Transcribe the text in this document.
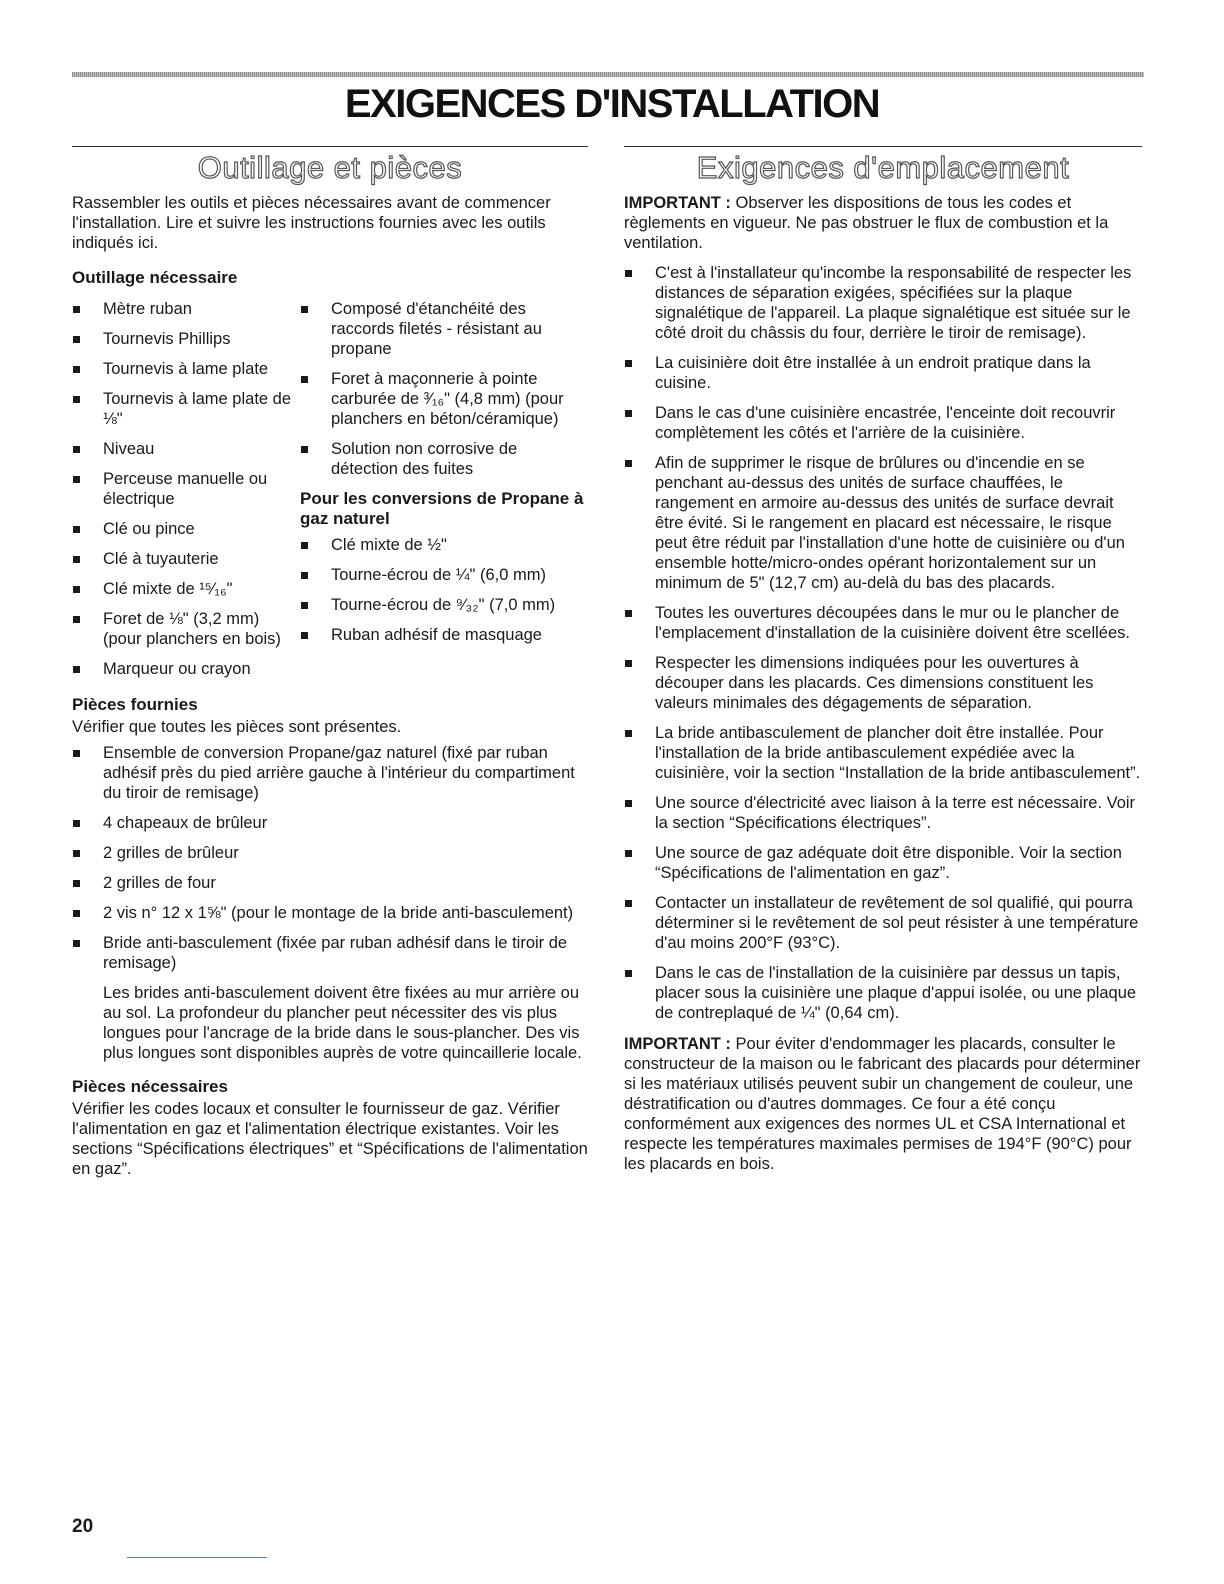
EXIGENCES D'INSTALLATION
Outillage et pièces

Rassembler les outils et pièces nécessaires avant de commencer l'installation. Lire et suivre les instructions fournies avec les outils indiqués ici.

Outillage nécessaire

Mètre ruban
Tournevis Phillips
Tournevis à lame plate
Tournevis à lame plate de ⅛"
Niveau
Perceuse manuelle ou électrique
Clé ou pince
Clé à tuyauterie
Clé mixte de ¹⁵⁄₁₆"
Foret de ⅛" (3,2 mm) (pour planchers en bois)
Marqueur ou crayon
Composé d'étanchéité des raccords filetés - résistant au propane
Foret à maçonnerie à pointe carburée de ³⁄₁₆" (4,8 mm) (pour planchers en béton/céramique)
Solution non corrosive de détection des fuites

Pour les conversions de Propane à gaz naturel

Clé mixte de ½"
Tourne-écrou de ¼" (6,0 mm)
Tourne-écrou de ⁹⁄₃₂" (7,0 mm)
Ruban adhésif de masquage

Pièces fournies

Vérifier que toutes les pièces sont présentes.

Ensemble de conversion Propane/gaz naturel (fixé par ruban adhésif près du pied arrière gauche à l'intérieur du compartiment du tiroir de remisage)
4 chapeaux de brûleur
2 grilles de brûleur
2 grilles de four
2 vis n° 12 x 1⅝" (pour le montage de la bride anti-basculement)
Bride anti-basculement (fixée par ruban adhésif dans le tiroir de remisage)

Les brides anti-basculement doivent être fixées au mur arrière ou au sol. La profondeur du plancher peut nécessiter des vis plus longues pour l'ancrage de la bride dans le sous-plancher. Des vis plus longues sont disponibles auprès de votre quincaillerie locale.

Pièces nécessaires

Vérifier les codes locaux et consulter le fournisseur de gaz. Vérifier l'alimentation en gaz et l'alimentation électrique existantes. Voir les sections “Spécifications électriques” et “Spécifications de l'alimentation en gaz”.

Exigences d'emplacement

IMPORTANT : Observer les dispositions de tous les codes et règlements en vigueur. Ne pas obstruer le flux de combustion et la ventilation.

C'est à l'installateur qu'incombe la responsabilité de respecter les distances de séparation exigées, spécifiées sur la plaque signalétique de l'appareil. La plaque signalétique est située sur le côté droit du châssis du four, derrière le tiroir de remisage).
La cuisinière doit être installée à un endroit pratique dans la cuisine.
Dans le cas d'une cuisinière encastrée, l'enceinte doit recouvrir complètement les côtés et l'arrière de la cuisinière.
Afin de supprimer le risque de brûlures ou d'incendie en se penchant au-dessus des unités de surface chauffées, le rangement en armoire au-dessus des unités de surface devrait être évité. Si le rangement en placard est nécessaire, le risque peut être réduit par l'installation d'une hotte de cuisinière ou d'un ensemble hotte/micro-ondes opérant horizontalement sur un minimum de 5" (12,7 cm) au-delà du bas des placards.
Toutes les ouvertures découpées dans le mur ou le plancher de l'emplacement d'installation de la cuisinière doivent être scellées.
Respecter les dimensions indiquées pour les ouvertures à découper dans les placards. Ces dimensions constituent les valeurs minimales des dégagements de séparation.
La bride antibasculement de plancher doit être installée. Pour l'installation de la bride antibasculement expédiée avec la cuisinière, voir la section “Installation de la bride antibasculement”.
Une source d'électricité avec liaison à la terre est nécessaire. Voir la section “Spécifications électriques”.
Une source de gaz adéquate doit être disponible. Voir la section “Spécifications de l'alimentation en gaz”.
Contacter un installateur de revêtement de sol qualifié, qui pourra déterminer si le revêtement de sol peut résister à une température d'au moins 200°F (93°C).
Dans le cas de l'installation de la cuisinière par dessus un tapis, placer sous la cuisinière une plaque d'appui isolée, ou une plaque de contreplaqué de ¼" (0,64 cm).

IMPORTANT : Pour éviter d'endommager les placards, consulter le constructeur de la maison ou le fabricant des placards pour déterminer si les matériaux utilisés peuvent subir un changement de couleur, une déstratification ou d'autres dommages. Ce four a été conçu conformément aux exigences des normes UL et CSA International et respecte les températures maximales permises de 194°F (90°C) pour les placards en bois.

20
